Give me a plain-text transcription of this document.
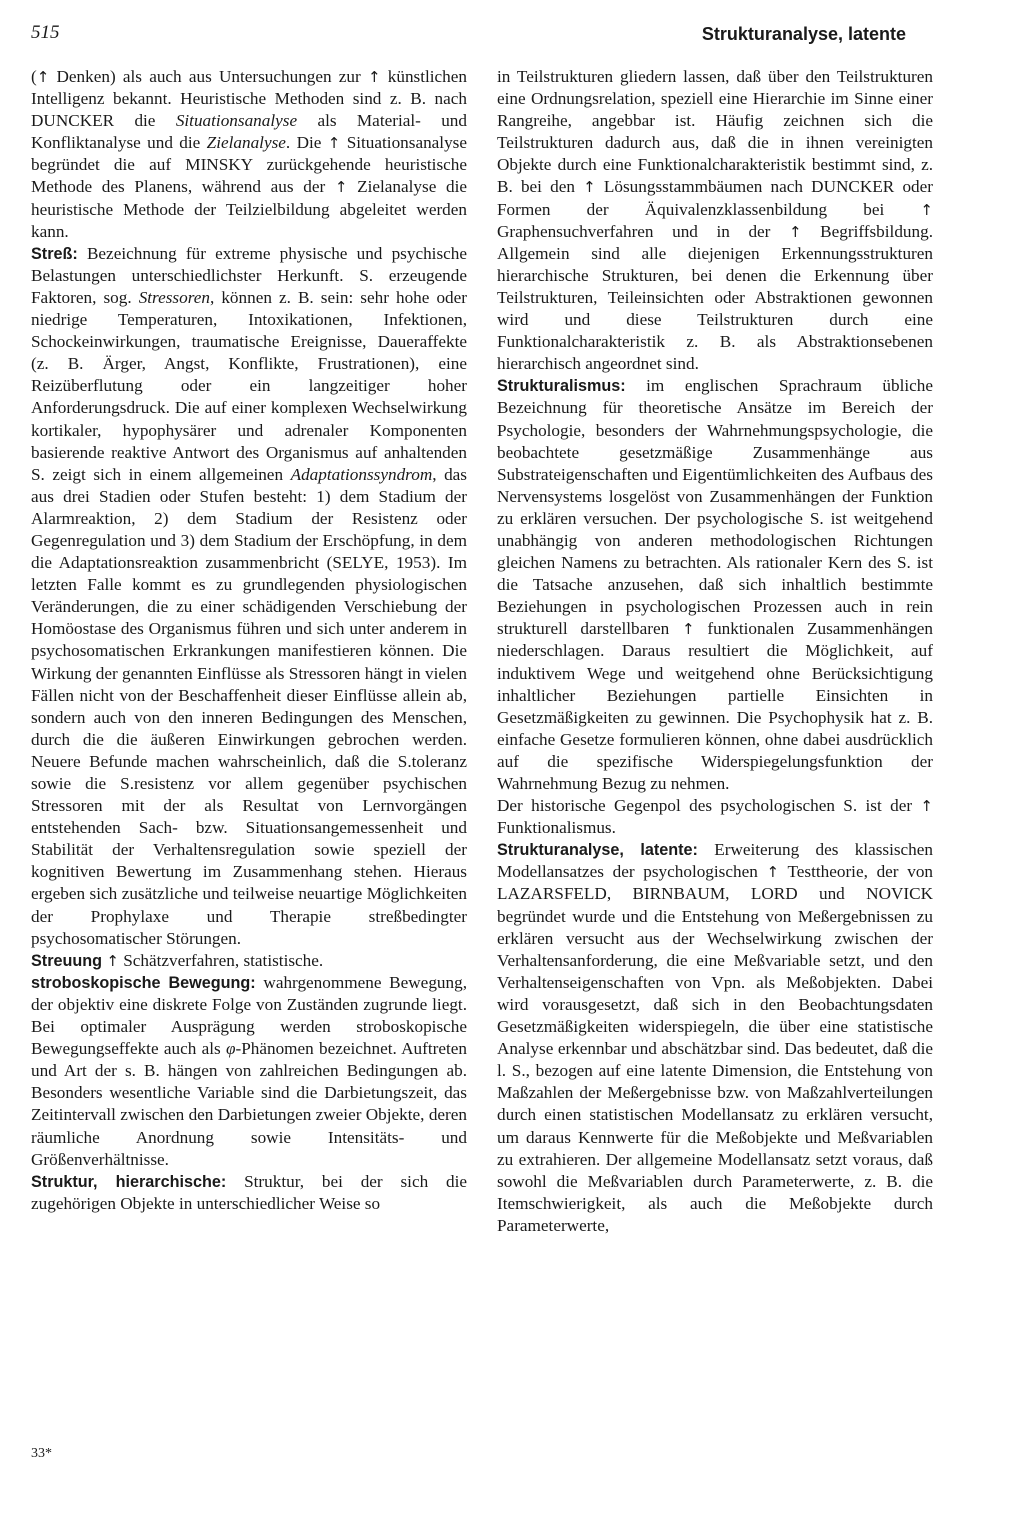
515	Strukturanalyse, latente

(↑ Denken) als auch aus Untersuchungen zur ↑ künstlichen Intelligenz bekannt. Heuristische Methoden sind z. B. nach DUNCKER die Situationsanalyse als Material- und Konfliktanalyse und die Zielanalyse. Die ↑ Situationsanalyse begründet die auf MINSKY zurückgehende heuristische Methode des Planens, während aus der ↑ Zielanalyse die heuristische Methode der Teilzielbildung abgeleitet werden kann.

Streß: Bezeichnung für extreme physische und psychische Belastungen unterschiedlichster Herkunft. S. erzeugende Faktoren, sog. Stressoren, können z. B. sein: sehr hohe oder niedrige Temperaturen, Intoxikationen, Infektionen, Schockeinwirkungen, traumatische Ereignisse, Daueraffekte (z. B. Ärger, Angst, Konflikte, Frustrationen), eine Reizüberflutung oder ein langzeitiger hoher Anforderungsdruck. Die auf einer komplexen Wechselwirkung kortikaler, hypophysärer und adrenaler Komponenten basierende reaktive Antwort des Organismus auf anhaltenden S. zeigt sich in einem allgemeinen Adaptationssyndrom, das aus drei Stadien oder Stufen besteht: 1) dem Stadium der Alarmreaktion, 2) dem Stadium der Resistenz oder Gegenregulation und 3) dem Stadium der Erschöpfung, in dem die Adaptationsreaktion zusammenbricht (SELYE, 1953). Im letzten Falle kommt es zu grundlegenden physiologischen Veränderungen, die zu einer schädigenden Verschiebung der Homöostase des Organismus führen und sich unter anderem in psychosomatischen Erkrankungen manifestieren können. Die Wirkung der genannten Einflüsse als Stressoren hängt in vielen Fällen nicht von der Beschaffenheit dieser Einflüsse allein ab, sondern auch von den inneren Bedingungen des Menschen, durch die die äußeren Einwirkungen gebrochen werden. Neuere Befunde machen wahrscheinlich, daß die S.toleranz sowie die S.resistenz vor allem gegenüber psychischen Stressoren mit der als Resultat von Lernvorgängen entstehenden Sach- bzw. Situationsangemessenheit und Stabilität der Verhaltensregulation sowie speziell der kognitiven Bewertung im Zusammenhang stehen. Hieraus ergeben sich zusätzliche und teilweise neuartige Möglichkeiten der Prophylaxe und Therapie streßbedingter psychosomatischer Störungen.

Streuung ↑ Schätzverfahren, statistische.

stroboskopische Bewegung: wahrgenommene Bewegung, der objektiv eine diskrete Folge von Zuständen zugrunde liegt. Bei optimaler Ausprägung werden stroboskopische Bewegungseffekte auch als φ-Phänomen bezeichnet. Auftreten und Art der s. B. hängen von zahlreichen Bedingungen ab. Besonders wesentliche Variable sind die Darbietungszeit, das Zeitintervall zwischen den Darbietungen zweier Objekte, deren räumliche Anordnung sowie Intensitäts- und Größenverhältnisse.

Struktur, hierarchische: Struktur, bei der sich die zugehörigen Objekte in unterschiedlicher Weise so

in Teilstrukturen gliedern lassen, daß über den Teilstrukturen eine Ordnungsrelation, speziell eine Hierarchie im Sinne einer Rangreihe, angebbar ist. Häufig zeichnen sich die Teilstrukturen dadurch aus, daß die in ihnen vereinigten Objekte durch eine Funktionalcharakteristik bestimmt sind, z. B. bei den ↑ Lösungsstammbäumen nach DUNCKER oder Formen der Äquivalenzklassenbildung bei ↑ Graphensuchverfahren und in der ↑ Begriffsbildung. Allgemein sind alle diejenigen Erkennungsstrukturen hierarchische Strukturen, bei denen die Erkennung über Teilstrukturen, Teileinsichten oder Abstraktionen gewonnen wird und diese Teilstrukturen durch eine Funktionalcharakteristik z. B. als Abstraktionsebenen hierarchisch angeordnet sind.

Strukturalismus: im englischen Sprachraum übliche Bezeichnung für theoretische Ansätze im Bereich der Psychologie, besonders der Wahrnehmungspsychologie, die beobachtete gesetzmäßige Zusammenhänge aus Substrateigenschaften und Eigentümlichkeiten des Aufbaus des Nervensystems losgelöst von Zusammenhängen der Funktion zu erklären versuchen. Der psychologische S. ist weitgehend unabhängig von anderen methodologischen Richtungen gleichen Namens zu betrachten. Als rationaler Kern des S. ist die Tatsache anzusehen, daß sich inhaltlich bestimmte Beziehungen in psychologischen Prozessen auch in rein strukturell darstellbaren ↑ funktionalen Zusammenhängen niederschlagen. Daraus resultiert die Möglichkeit, auf induktivem Wege und weitgehend ohne Berücksichtigung inhaltlicher Beziehungen partielle Einsichten in Gesetzmäßigkeiten zu gewinnen. Die Psychophysik hat z. B. einfache Gesetze formulieren können, ohne dabei ausdrücklich auf die spezifische Widerspiegelungsfunktion der Wahrnehmung Bezug zu nehmen.

Der historische Gegenpol des psychologischen S. ist der ↑ Funktionalismus.

Strukturanalyse, latente: Erweiterung des klassischen Modellansatzes der psychologischen ↑ Testtheorie, der von LAZARSFELD, BIRNBAUM, LORD und NOVICK begründet wurde und die Entstehung von Meßergebnissen zu erklären versucht aus der Wechselwirkung zwischen der Verhaltensanforderung, die eine Meßvariable setzt, und den Verhaltenseigenschaften von Vpn. als Meßobjekten. Dabei wird vorausgesetzt, daß sich in den Beobachtungsdaten Gesetzmäßigkeiten widerspiegeln, die über eine statistische Analyse erkennbar und abschätzbar sind. Das bedeutet, daß die l. S., bezogen auf eine latente Dimension, die Entstehung von Maßzahlen der Meßergebnisse bzw. von Maßzahlverteilungen durch einen statistischen Modellansatz zu erklären versucht, um daraus Kennwerte für die Meßobjekte und Meßvariablen zu extrahieren. Der allgemeine Modellansatz setzt voraus, daß sowohl die Meßvariablen durch Parameterwerte, z. B. die Itemschwierigkeit, als auch die Meßobjekte durch Parameterwerte,

33*
